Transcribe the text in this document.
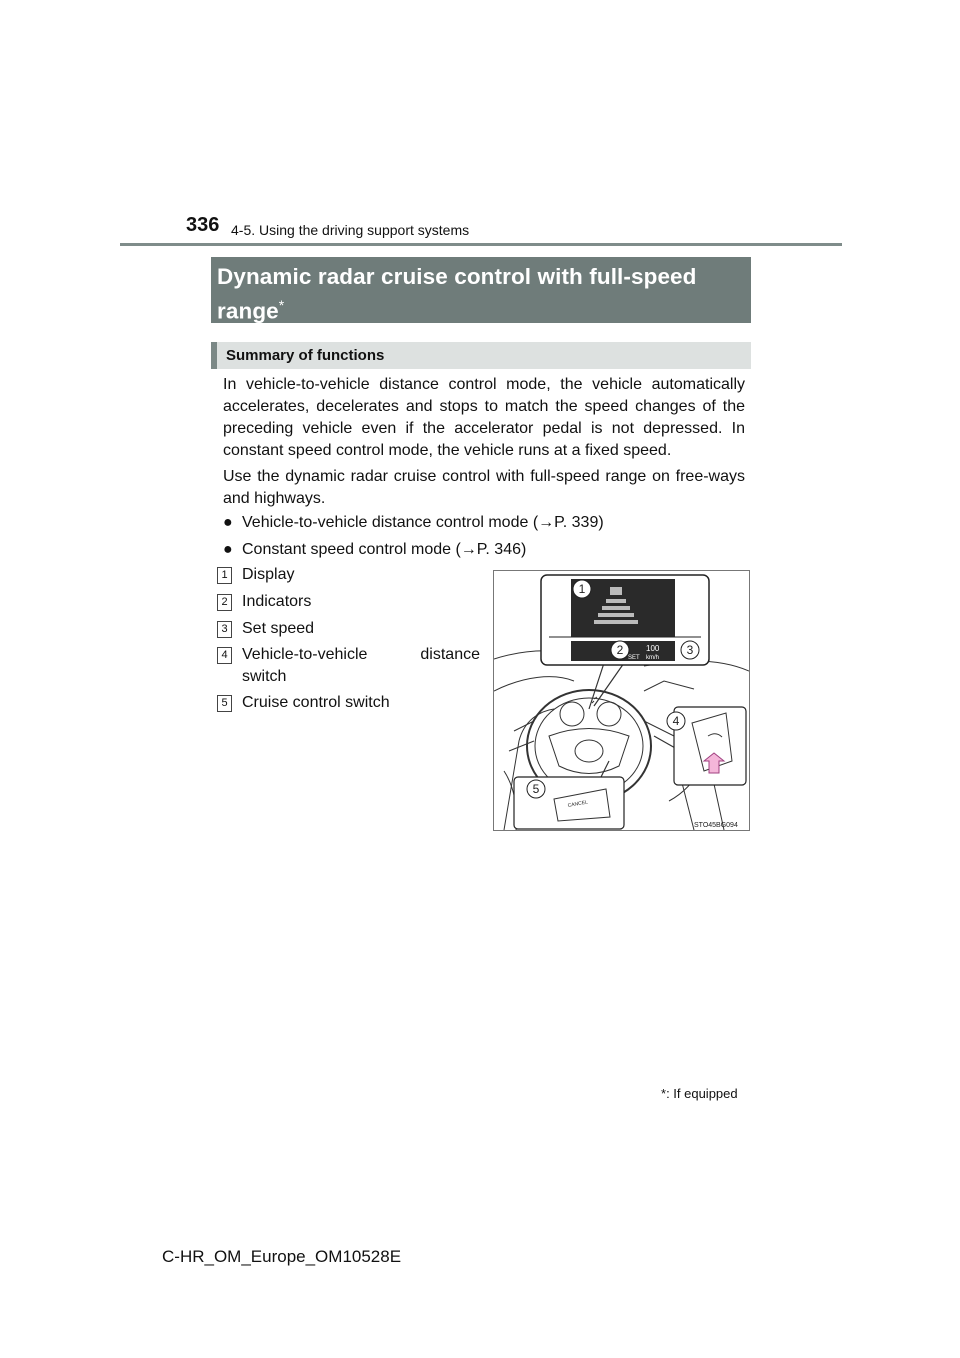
336 4-5. Using the driving support systems
Dynamic radar cruise control with full-speed range*
Summary of functions
In vehicle-to-vehicle distance control mode, the vehicle automatically accelerates, decelerates and stops to match the speed changes of the preceding vehicle even if the accelerator pedal is not depressed. In constant speed control mode, the vehicle runs at a fixed speed.
Use the dynamic radar cruise control with full-speed range on free-ways and highways.
● Vehicle-to-vehicle distance control mode (→P. 339)
● Constant speed control mode (→P. 346)
1 Display
2 Indicators
3 Set speed
4 Vehicle-to-vehicle	distance
switch
5 Cruise control switch
100
SET km/h
CANCEL
1
2	3
4
5
STO45BG094
*: If equipped
C-HR_OM_Europe_OM10528E
